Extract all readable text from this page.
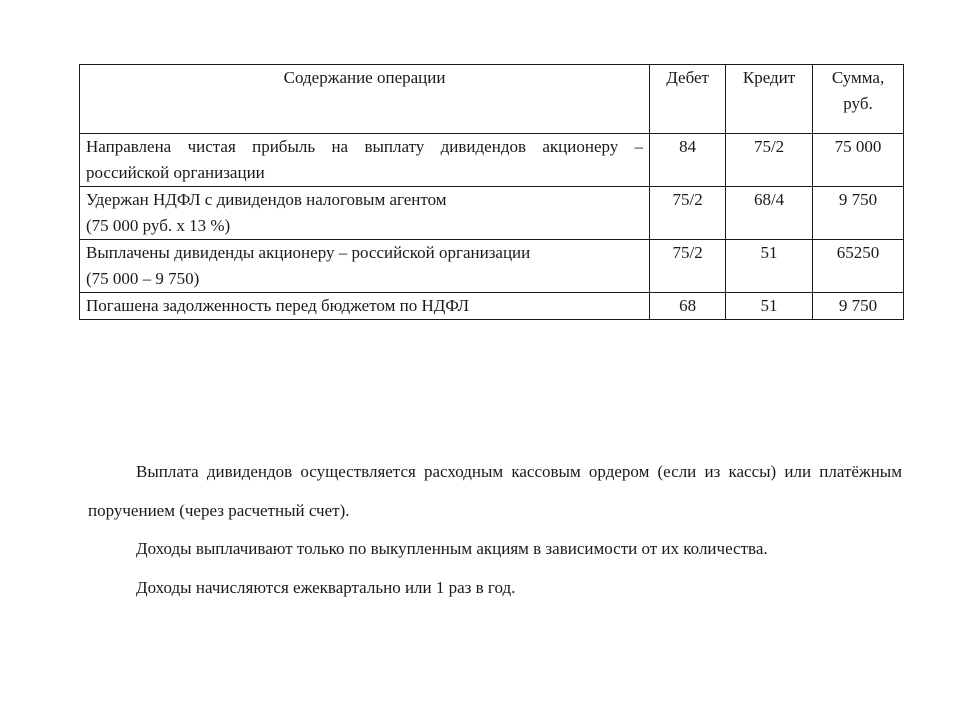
Содержание операции	Дебет	Кредит	Сумма, руб.
Направлена чистая прибыль на выплату дивидендов акционеру – российской организации	84	75/2	75 000
Удержан НДФЛ с дивидендов налоговым агентом
(75 000 руб. х 13 %)	75/2	68/4	9 750
Выплачены дивиденды акционеру – российской организации
(75 000 – 9 750)	75/2	51	65250
Погашена задолженность перед бюджетом по НДФЛ	68	51	9 750

Выплата дивидендов осуществляется расходным кассовым ордером (если из кассы) или платёжным поручением (через расчетный счет).

Доходы выплачивают только по выкупленным акциям в зависимости от их количества.

Доходы начисляются ежеквартально или 1 раз в год.
